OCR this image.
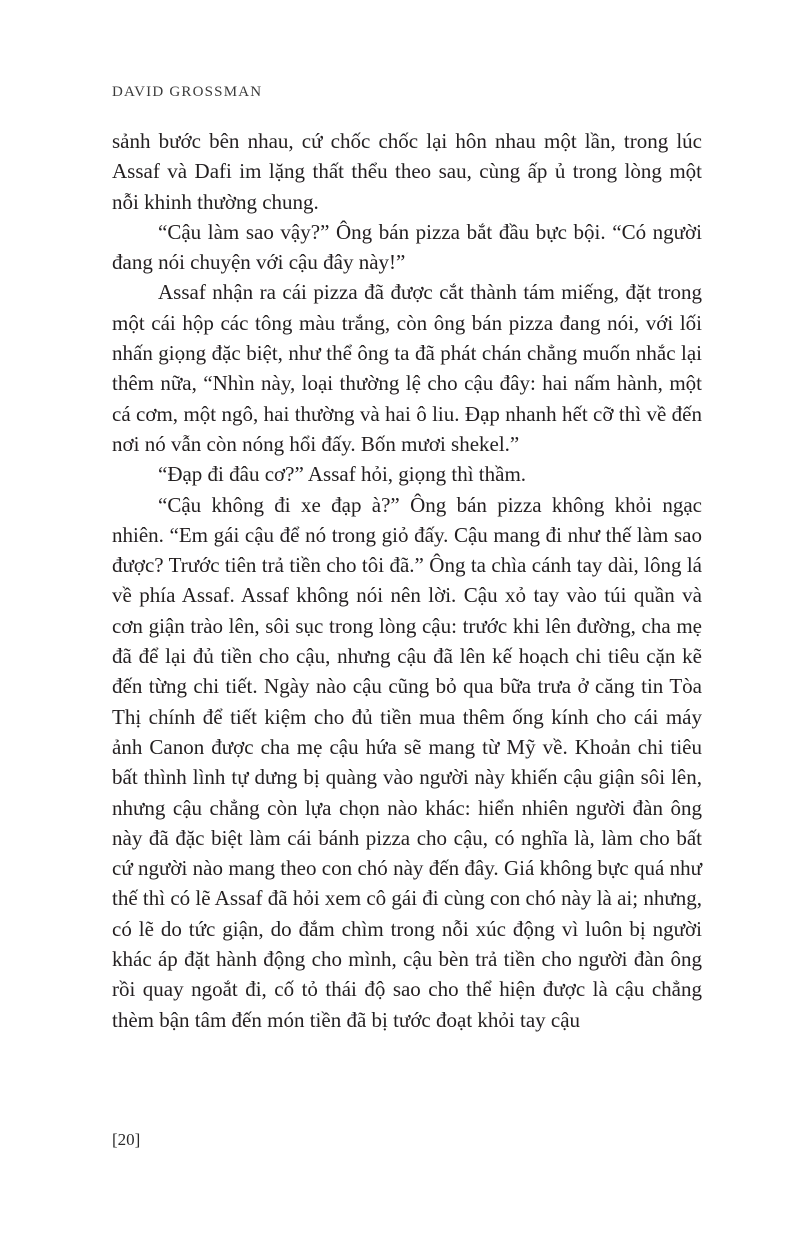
DAVID GROSSMAN

sảnh bước bên nhau, cứ chốc chốc lại hôn nhau một lần, trong lúc Assaf và Dafi im lặng thất thểu theo sau, cùng ấp ủ trong lòng một nỗi khinh thường chung.

“Cậu làm sao vậy?” Ông bán pizza bắt đầu bực bội. “Có người đang nói chuyện với cậu đây này!”

Assaf nhận ra cái pizza đã được cắt thành tám miếng, đặt trong một cái hộp các tông màu trắng, còn ông bán pizza đang nói, với lối nhấn giọng đặc biệt, như thể ông ta đã phát chán chẳng muốn nhắc lại thêm nữa, “Nhìn này, loại thường lệ cho cậu đây: hai nấm hành, một cá cơm, một ngô, hai thường và hai ô liu. Đạp nhanh hết cỡ thì về đến nơi nó vẫn còn nóng hổi đấy. Bốn mươi shekel.”

“Đạp đi đâu cơ?” Assaf hỏi, giọng thì thầm.

“Cậu không đi xe đạp à?” Ông bán pizza không khỏi ngạc nhiên. “Em gái cậu để nó trong giỏ đấy. Cậu mang đi như thế làm sao được? Trước tiên trả tiền cho tôi đã.” Ông ta chìa cánh tay dài, lông lá về phía Assaf. Assaf không nói nên lời. Cậu xỏ tay vào túi quần và cơn giận trào lên, sôi sục trong lòng cậu: trước khi lên đường, cha mẹ đã để lại đủ tiền cho cậu, nhưng cậu đã lên kế hoạch chi tiêu cặn kẽ đến từng chi tiết. Ngày nào cậu cũng bỏ qua bữa trưa ở căng tin Tòa Thị chính để tiết kiệm cho đủ tiền mua thêm ống kính cho cái máy ảnh Canon được cha mẹ cậu hứa sẽ mang từ Mỹ về. Khoản chi tiêu bất thình lình tự dưng bị quàng vào người này khiến cậu giận sôi lên, nhưng cậu chẳng còn lựa chọn nào khác: hiển nhiên người đàn ông này đã đặc biệt làm cái bánh pizza cho cậu, có nghĩa là, làm cho bất cứ người nào mang theo con chó này đến đây. Giá không bực quá như thế thì có lẽ Assaf đã hỏi xem cô gái đi cùng con chó này là ai; nhưng, có lẽ do tức giận, do đắm chìm trong nỗi xúc động vì luôn bị người khác áp đặt hành động cho mình, cậu bèn trả tiền cho người đàn ông rồi quay ngoắt đi, cố tỏ thái độ sao cho thể hiện được là cậu chẳng thèm bận tâm đến món tiền đã bị tước đoạt khỏi tay cậu

[20]
